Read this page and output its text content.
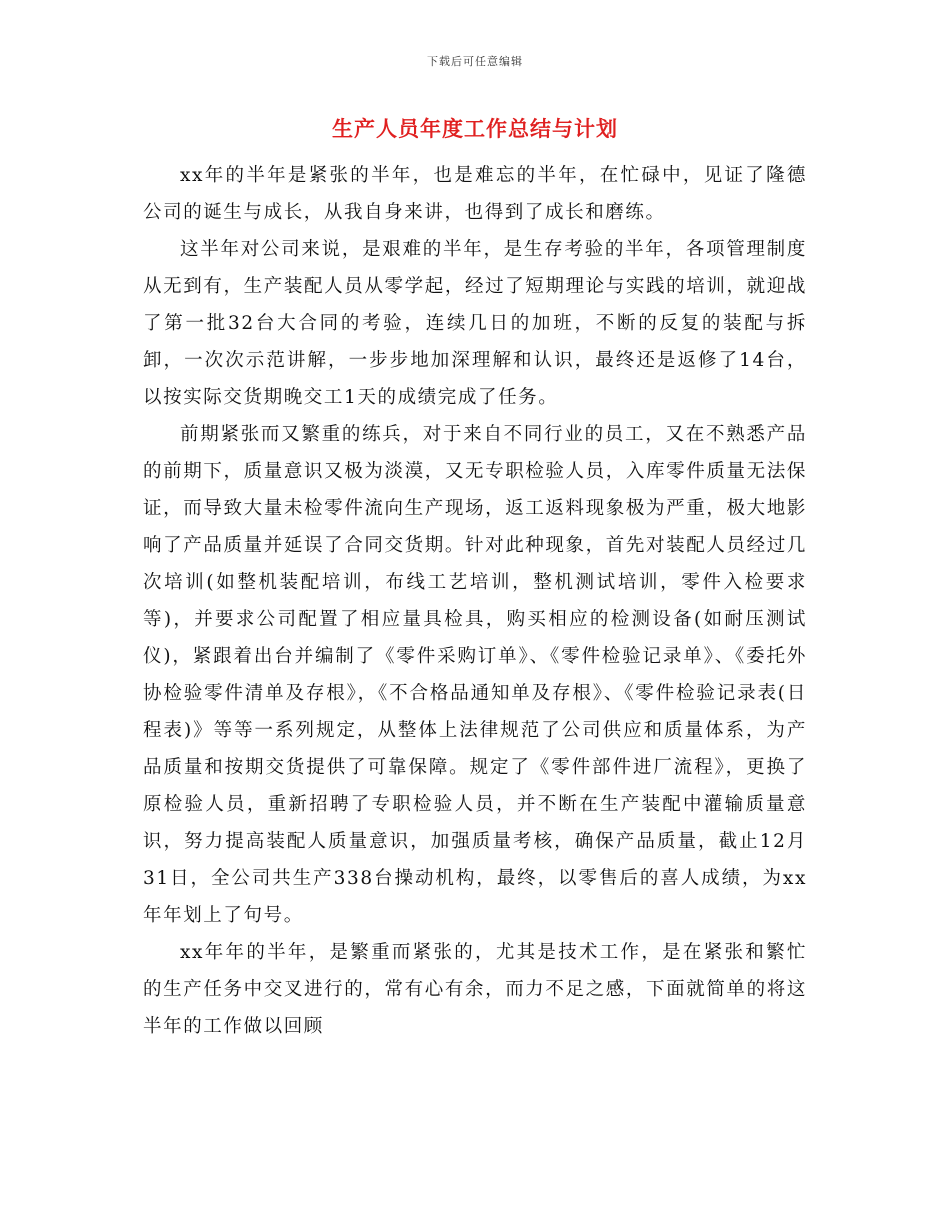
下载后可任意编辑
生产人员年度工作总结与计划

xx年的半年是紧张的半年，也是难忘的半年，在忙碌中，见证了隆德公司的诞生与成长，从我自身来讲，也得到了成长和磨练。

这半年对公司来说，是艰难的半年，是生存考验的半年，各项管理制度从无到有，生产装配人员从零学起，经过了短期理论与实践的培训，就迎战了第一批32台大合同的考验，连续几日的加班，不断的反复的装配与拆卸，一次次示范讲解，一步步地加深理解和认识，最终还是返修了14台，以按实际交货期晚交工1天的成绩完成了任务。

前期紧张而又繁重的练兵，对于来自不同行业的员工，又在不熟悉产品的前期下，质量意识又极为淡漠，又无专职检验人员，入库零件质量无法保证，而导致大量未检零件流向生产现场，返工返料现象极为严重，极大地影响了产品质量并延误了合同交货期。针对此种现象，首先对装配人员经过几次培训(如整机装配培训，布线工艺培训，整机测试培训，零件入检要求等)，并要求公司配置了相应量具检具，购买相应的检测设备(如耐压测试仪)，紧跟着出台并编制了《零件采购订单》、《零件检验记录单》、《委托外协检验零件清单及存根》，《不合格品通知单及存根》、《零件检验记录表(日程表)》等等一系列规定，从整体上法律规范了公司供应和质量体系，为产品质量和按期交货提供了可靠保障。规定了《零件部件进厂流程》，更换了原检验人员，重新招聘了专职检验人员，并不断在生产装配中灌输质量意识，努力提高装配人质量意识，加强质量考核，确保产品质量，截止12月31日，全公司共生产338台操动机构，最终，以零售后的喜人成绩，为xx年年划上了句号。

xx年年的半年，是繁重而紧张的，尤其是技术工作，是在紧张和繁忙的生产任务中交叉进行的，常有心有余，而力不足之感，下面就简单的将这半年的工作做以回顾
